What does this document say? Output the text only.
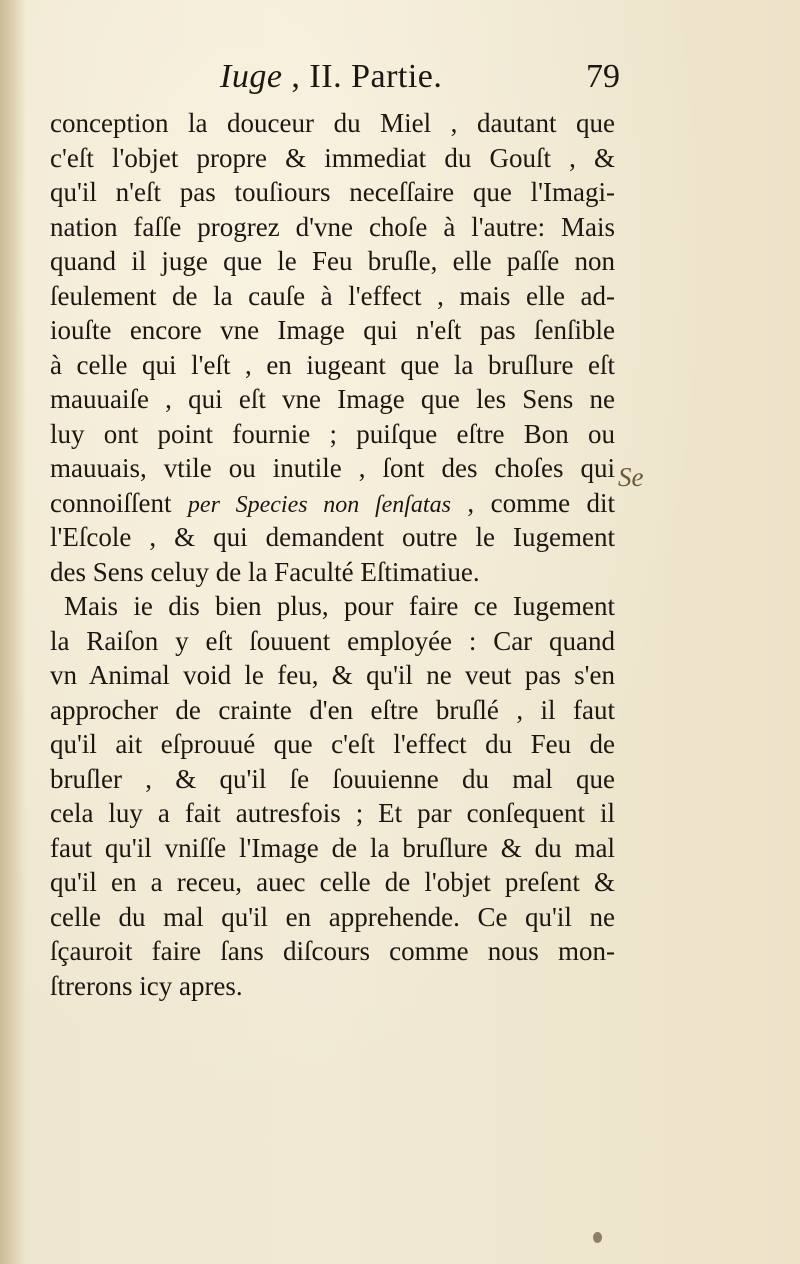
Iuge , II. Partie.	79
conception la douceur du Miel , dautant que
c'eſt l'objet propre & immediat du Gouſt , &
qu'il n'eſt pas touſiours neceſſaire que l'Imagi-
nation faſſe progrez d'vne choſe à l'autre: Mais
quand il juge que le Feu bruſle, elle paſſe non
ſeulement de la cauſe à l'effect , mais elle ad-
iouſte encore vne Image qui n'eſt pas ſenſible
à celle qui l'eſt , en iugeant que la bruſlure eſt
mauuaiſe , qui eſt vne Image que les Sens ne
luy ont point fournie ; puiſque eſtre Bon ou
mauuais, vtile ou inutile , ſont des choſes qui
connoiſſent per Species non ſenſatas , comme dit
l'Eſcole , & qui demandent outre le Iugement
des Sens celuy de la Faculté Eſtimatiue.
Mais ie dis bien plus, pour faire ce Iugement
la Raiſon y eſt ſouuent employée : Car quand
vn Animal void le feu, & qu'il ne veut pas s'en
approcher de crainte d'en eſtre bruſlé , il faut
qu'il ait eſprouué que c'eſt l'effect du Feu de
bruſler , & qu'il ſe ſouuienne du mal que
cela luy a fait autresfois ; Et par conſequent il
faut qu'il vniſſe l'Image de la bruſlure & du mal
qu'il en a receu, auec celle de l'objet preſent &
celle du mal qu'il en apprehende. Ce qu'il ne
ſçauroit faire ſans diſcours comme nous mon-
ſtrerons icy apres.
Se
